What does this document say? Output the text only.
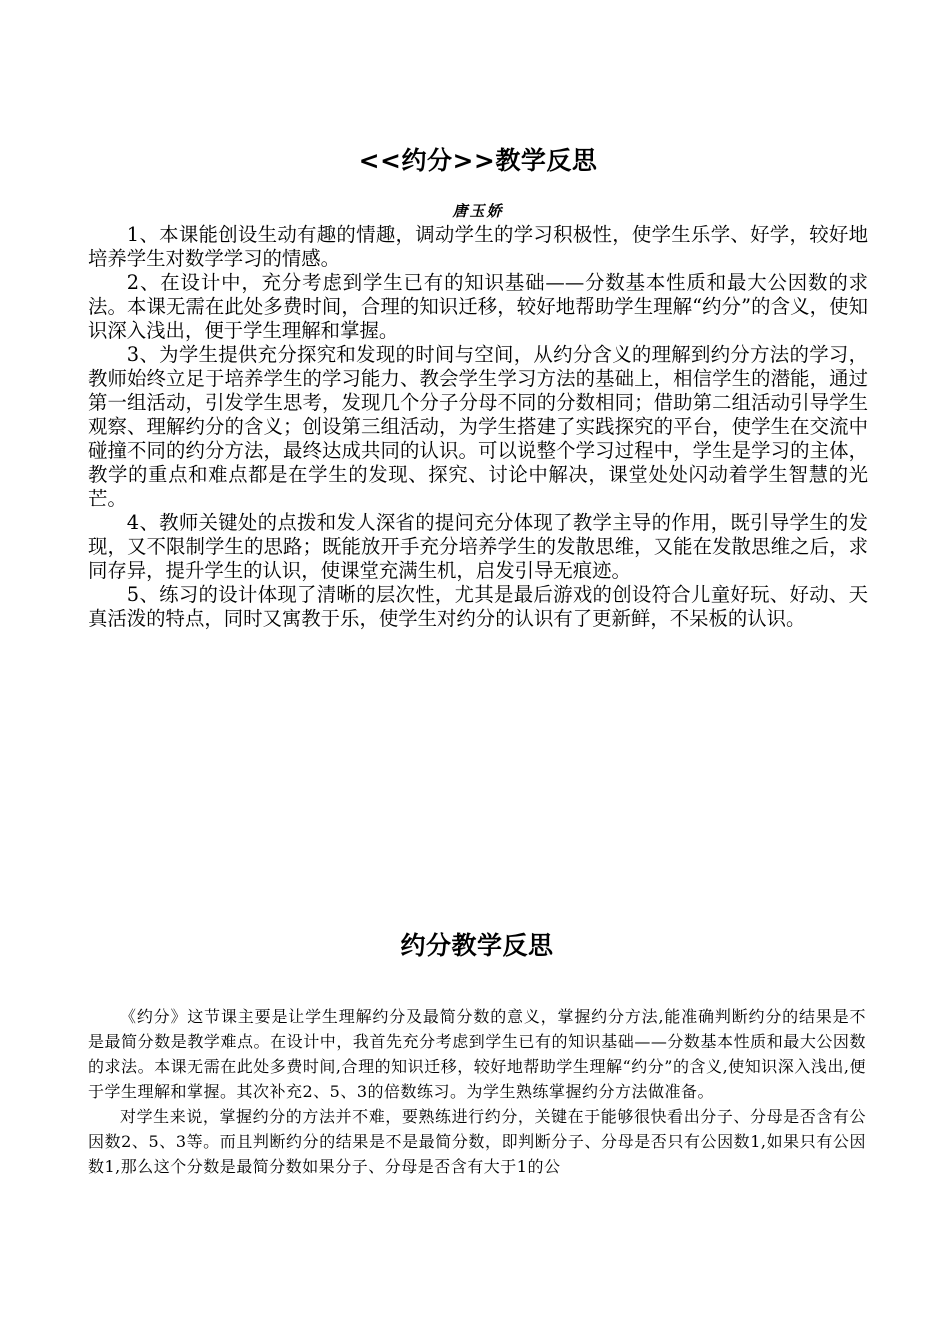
<<约分>>教学反思
唐玉娇

1、本课能创设生动有趣的情趣，调动学生的学习积极性，使学生乐学、好学，较好地培养学生对数学学习的情感。

2、在设计中，充分考虑到学生已有的知识基础——分数基本性质和最大公因数的求法。本课无需在此处多费时间，合理的知识迁移，较好地帮助学生理解“约分”的含义，使知识深入浅出，便于学生理解和掌握。

3、为学生提供充分探究和发现的时间与空间，从约分含义的理解到约分方法的学习，教师始终立足于培养学生的学习能力、教会学生学习方法的基础上，相信学生的潜能，通过第一组活动，引发学生思考，发现几个分子分母不同的分数相同；借助第二组活动引导学生观察、理解约分的含义；创设第三组活动，为学生搭建了实践探究的平台，使学生在交流中碰撞不同的约分方法，最终达成共同的认识。可以说整个学习过程中，学生是学习的主体，教学的重点和难点都是在学生的发现、探究、讨论中解决，课堂处处闪动着学生智慧的光芒。

4、教师关键处的点拨和发人深省的提问充分体现了教学主导的作用，既引导学生的发现，又不限制学生的思路；既能放开手充分培养学生的发散思维，又能在发散思维之后，求同存异，提升学生的认识，使课堂充满生机，启发引导无痕迹。

5、练习的设计体现了清晰的层次性，尤其是最后游戏的创设符合儿童好玩、好动、天真活泼的特点，同时又寓教于乐，使学生对约分的认识有了更新鲜，不呆板的认识。

约分教学反思

《约分》这节课主要是让学生理解约分及最简分数的意义，掌握约分方法,能准确判断约分的结果是不是最简分数是教学难点。在设计中，我首先充分考虑到学生已有的知识基础——分数基本性质和最大公因数的求法。本课无需在此处多费时间,合理的知识迁移，较好地帮助学生理解“约分”的含义,使知识深入浅出,便于学生理解和掌握。其次补充2、5、3的倍数练习。为学生熟练掌握约分方法做准备。

对学生来说，掌握约分的方法并不难，要熟练进行约分，关键在于能够很快看出分子、分母是否含有公因数2、5、3等。而且判断约分的结果是不是最简分数，即判断分子、分母是否只有公因数1,如果只有公因数1,那么这个分数是最简分数如果分子、分母是否含有大于1的公
